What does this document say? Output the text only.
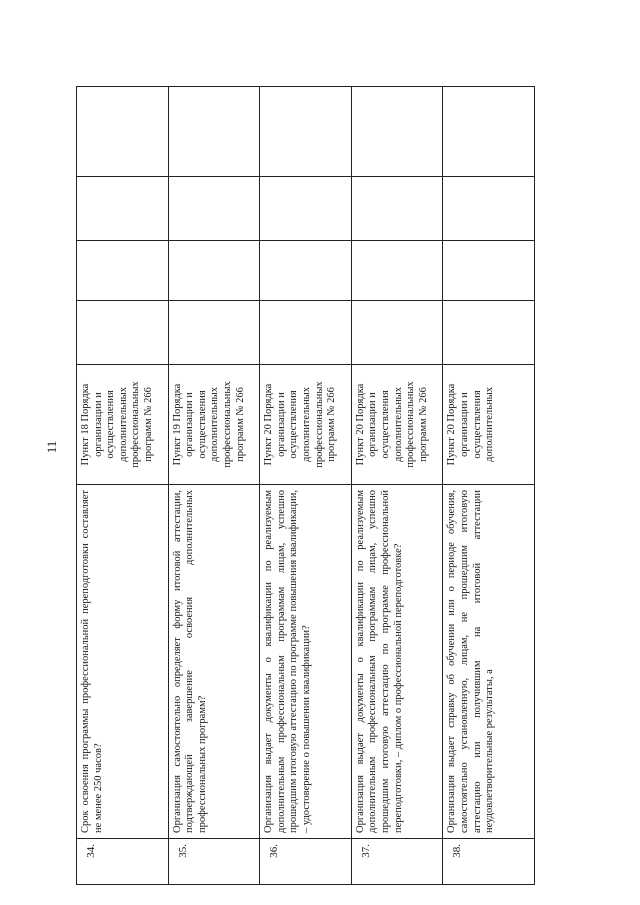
11
34.	Срок освоения программы профессиональной переподготовки составляет не менее 250 часов?	Пункт 18 Порядка организации и осуществления дополнительных профессиональных программ № 266				
35.	Организация самостоятельно определяет форму итоговой аттестации, подтверждающей завершение освоения дополнительных профессиональных программ?	Пункт 19 Порядка организации и осуществления дополнительных профессиональных программ № 266				
36.	Организация выдает документы о квалификации по реализуемым дополнительным профессиональным программам лицам, успешно прошедшим итоговую аттестацию по программе повышения квалификации, – удостоверение о повышении квалификации?	Пункт 20 Порядка организации и осуществления дополнительных профессиональных программ № 266				
37.	Организация выдает документы о квалификации по реализуемым дополнительным профессиональным программам лицам, успешно прошедшим итоговую аттестацию по программе профессиональной переподготовки, – диплом о профессиональной переподготовке?	Пункт 20 Порядка организации и осуществления дополнительных профессиональных программ № 266				
38.	Организация выдает справку об обучении или о периоде обучения, самостоятельно установленную, лицам, не прошедшим итоговую аттестацию или получившим на итоговой аттестации неудовлетворительные результаты, а	Пункт 20 Порядка организации и осуществления дополнительных				
